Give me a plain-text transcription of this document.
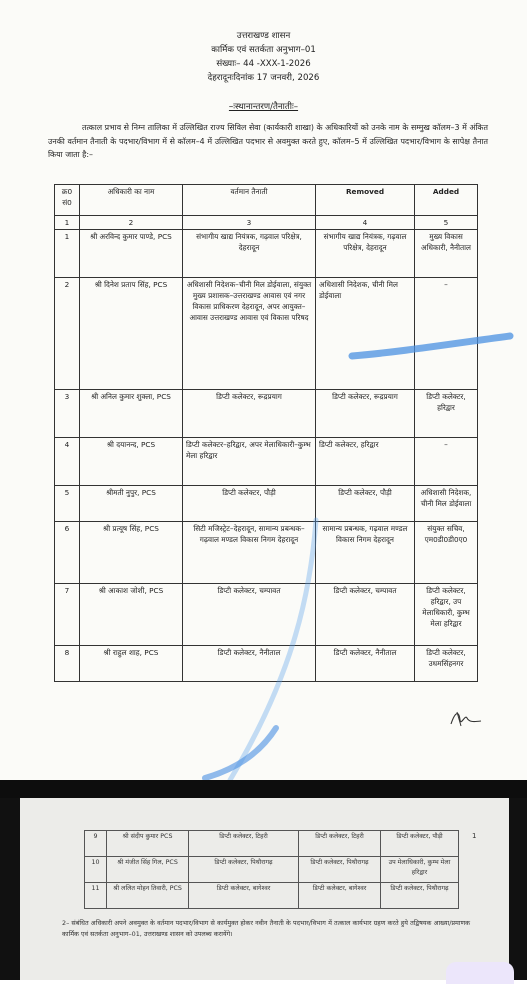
उत्तराखण्ड शासन
कार्मिक एवं सतर्कता अनुभाग–01
संख्याः– 44 -XXX-1-2026
देहरादूनःदिनांक 17 जनवरी, 2026
–ःस्थानान्तरण/तैनातीः–
तत्काल प्रभाव से निम्न तालिका में उल्लिखित राज्य सिविल सेवा (कार्यकारी शाखा) के अधिकारियों को उनके नाम के सम्मुख कॉलम–3 में अंकित उनकी वर्तमान तैनाती के पदभार/विभाग में से कॉलम–4 में उल्लिखित पदभार से अवमुक्त करते हुए, कॉलम–5 में उल्लिखित पदभार/विभाग के सापेक्ष तैनात किया जाता है:–
क्र0 सं0	अधिकारी का नाम	वर्तमान तैनाती	Removed	Added
1	2	3	4	5
1	श्री अरविन्द कुमार पाण्डे, PCS	संभागीय खाद्य नियंत्रक, गढ़वाल परिक्षेत्र, देहरादून	संभागीय खाद्य नियंत्रक, गढ़वाल परिक्षेत्र, देहरादून	मुख्य विकास अधिकारी, नैनीताल
2	श्री दिनेश प्रताप सिंह, PCS	अधिशासी निदेशक–चीनी मिल डोईवाला, संयुक्त मुख्य प्रशासक–उत्तराखण्ड आवास एवं नगर विकास प्राधिकरण देहरादून, अपर आयुक्त–आवास उत्तराखण्ड आवास एवं विकास परिषद	अधिशासी निदेशक, चीनी मिल डोईवाला	–
3	श्री अनिल कुमार शुक्ला, PCS	डिप्टी कलेक्टर, रूद्रप्रयाग	डिप्टी कलेक्टर, रूद्रप्रयाग	डिप्टी कलेक्टर, हरिद्वार
4	श्री दयानन्द, PCS	डिप्टी कलेक्टर–हरिद्वार, अपर मेलाधिकारी–कुम्भ मेला हरिद्वार	डिप्टी कलेक्टर, हरिद्वार	–
5	श्रीमती नुपुर, PCS	डिप्टी कलेक्टर, पौड़ी	डिप्टी कलेक्टर, पौड़ी	अधिशासी निदेशक, चीनी मिल डोईवाला
6	श्री प्रत्यूष सिंह, PCS	सिटी मजिस्ट्रेट–देहरादून, सामान्य प्रबन्धक–गढ़वाल मण्डल विकास निगम देहरादून	सामान्य प्रबन्धक, गढ़वाल मण्डल विकास निगम देहरादून	संयुक्त सचिव, एम0डी0डी0ए0
7	श्री आकाश जोशी, PCS	डिप्टी कलेक्टर, चम्पावत	डिप्टी कलेक्टर, चम्पावत	डिप्टी कलेक्टर, हरिद्वार, उप मेलाधिकारी, कुम्भ मेला हरिद्वार
8	श्री राहुल शाह, PCS	डिप्टी कलेक्टर, नैनीताल	डिप्टी कलेक्टर, नैनीताल	डिप्टी कलेक्टर, उधमसिंहनगर
1
9	श्री संदीप कुमार PCS	डिप्टी कलेक्टर, टिहरी	डिप्टी कलेक्टर, टिहरी	डिप्टी कलेक्टर, पौड़ी
10	श्री मंजीत सिंह गिल, PCS	डिप्टी कलेक्टर, पिथौरागढ़	डिप्टी कलेक्टर, पिथौरागढ़	उप मेलाधिकारी, कुम्भ मेला हरिद्वार
11	श्री ललित मोहन तिवारी, PCS	डिप्टी कलेक्टर, बागेश्वर	डिप्टी कलेक्टर, बागेश्वर	डिप्टी कलेक्टर, पिथौरागढ़
2– संबंधित अधिकारी अपने अवमुक्त के वर्तमान पदभार/विभाग से कार्यमुक्त होकर नवीन तैनाती के पदभार/विभाग में तत्काल कार्यभार ग्रहण करते हुये तद्विषयक आख्या/प्रमाणक कार्मिक एवं सतर्कता अनुभाग–01, उत्तराखण्ड शासन को उपलब्ध करायेंगे।
